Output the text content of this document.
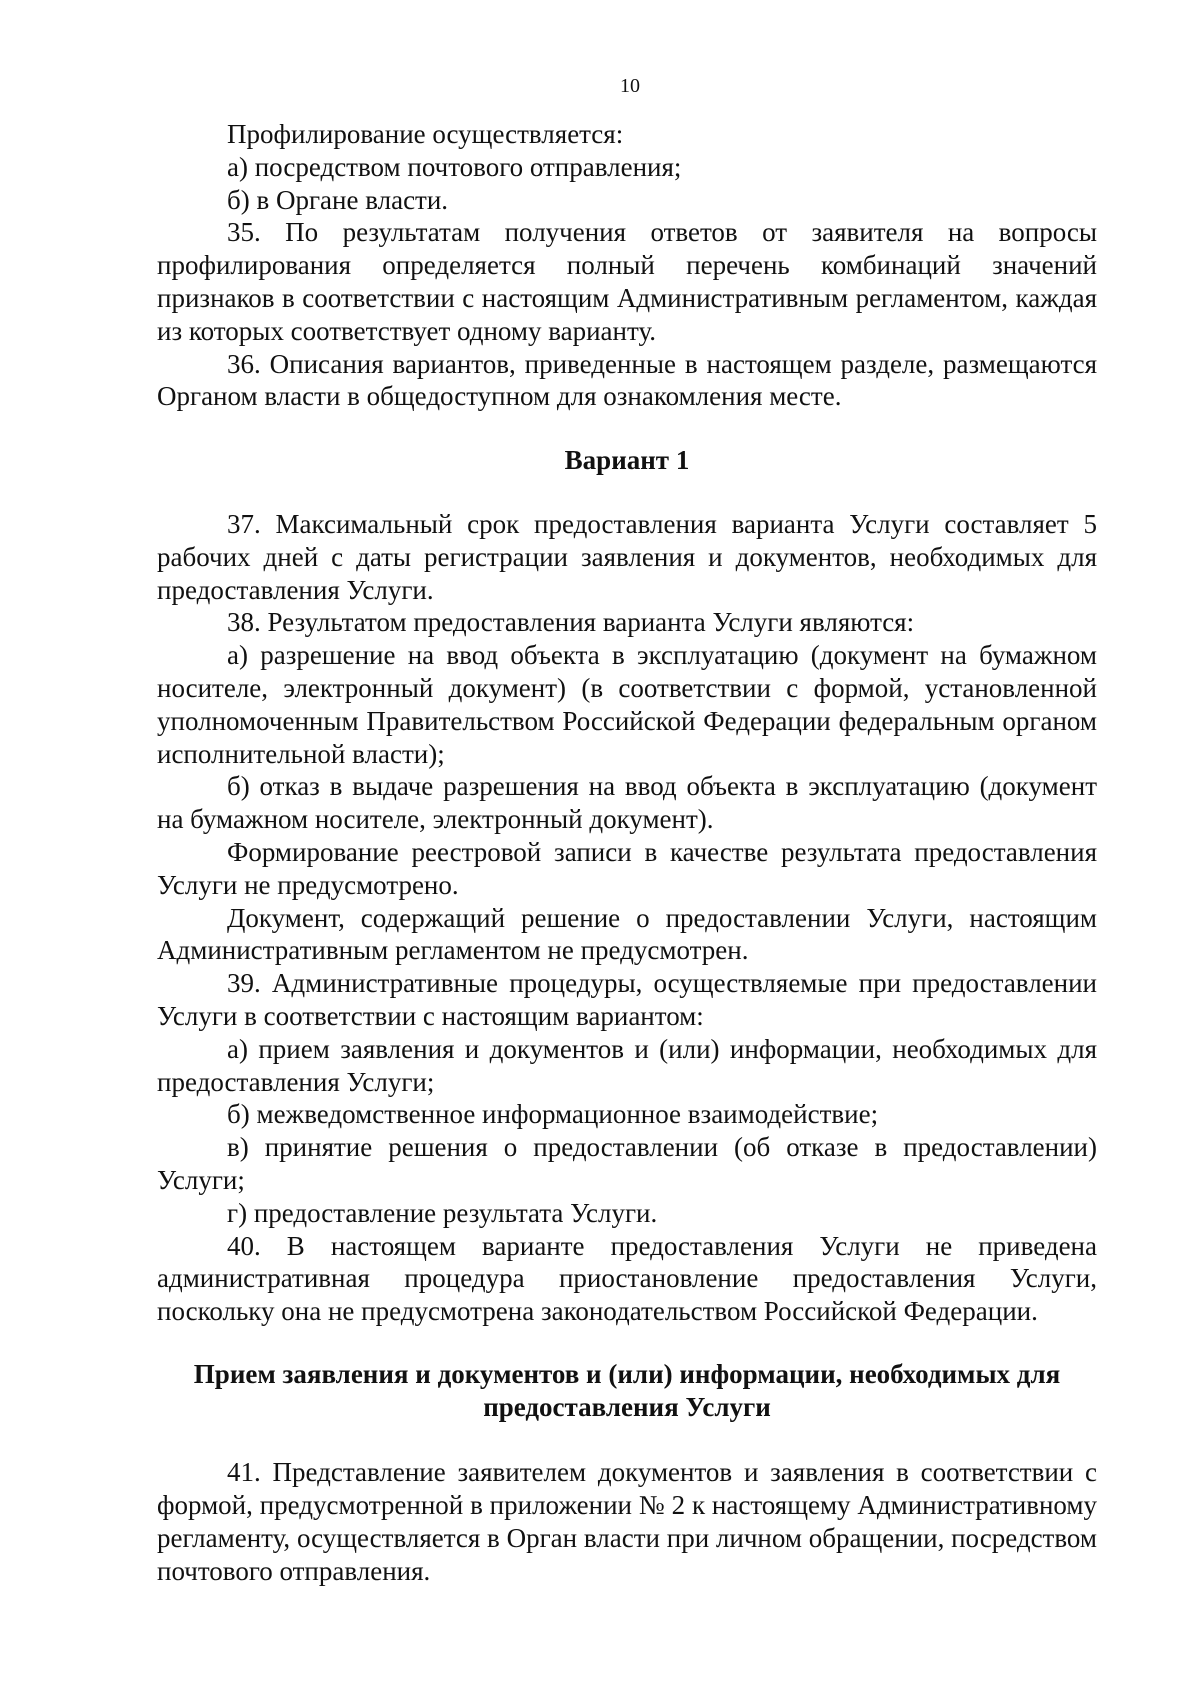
10

Профилирование осуществляется:

а) посредством почтового отправления;

б) в Органе власти.

35. По результатам получения ответов от заявителя на вопросы профилирования определяется полный перечень комбинаций значений признаков в соответствии с настоящим Административным регламентом, каждая из которых соответствует одному варианту.

36. Описания вариантов, приведенные в настоящем разделе, размещаются Органом власти в общедоступном для ознакомления месте.

Вариант 1

37. Максимальный срок предоставления варианта Услуги составляет 5 рабочих дней с даты регистрации заявления и документов, необходимых для предоставления Услуги.

38. Результатом предоставления варианта Услуги являются:

а) разрешение на ввод объекта в эксплуатацию (документ на бумажном носителе, электронный документ) (в соответствии с формой, установленной уполномоченным Правительством Российской Федерации федеральным органом исполнительной власти);

б) отказ в выдаче разрешения на ввод объекта в эксплуатацию (документ на бумажном носителе, электронный документ).

Формирование реестровой записи в качестве результата предоставления Услуги не предусмотрено.

Документ, содержащий решение о предоставлении Услуги, настоящим Административным регламентом не предусмотрен.

39. Административные процедуры, осуществляемые при предоставлении Услуги в соответствии с настоящим вариантом:

а) прием заявления и документов и (или) информации, необходимых для предоставления Услуги;

б) межведомственное информационное взаимодействие;

в) принятие решения о предоставлении (об отказе в предоставлении) Услуги;

г) предоставление результата Услуги.

40. В настоящем варианте предоставления Услуги не приведена административная процедура приостановление предоставления Услуги, поскольку она не предусмотрена законодательством Российской Федерации.

Прием заявления и документов и (или) информации, необходимых для предоставления Услуги

41. Представление заявителем документов и заявления в соответствии с формой, предусмотренной в приложении № 2 к настоящему Административному регламенту, осуществляется в Орган власти при личном обращении, посредством почтового отправления.
